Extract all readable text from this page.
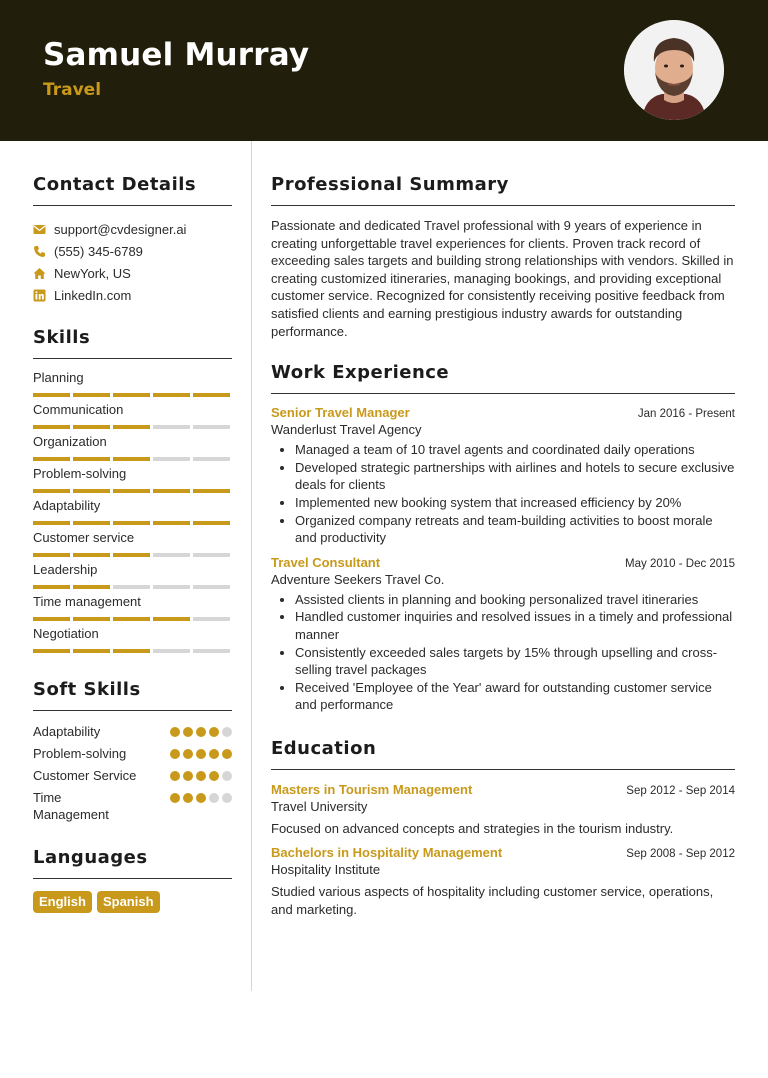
Samuel Murray
Travel
Contact Details
support@cvdesigner.ai
(555) 345-6789
NewYork, US
LinkedIn.com
Skills
Planning
Communication
Organization
Problem-solving
Adaptability
Customer service
Leadership
Time management
Negotiation
Soft Skills
Adaptability
Problem-solving
Customer Service
Time Management
Languages
English	Spanish
Professional Summary

Passionate and dedicated Travel professional with 9 years of experience in creating unforgettable travel experiences for clients. Proven track record of exceeding sales targets and building strong relationships with vendors. Skilled in creating customized itineraries, managing bookings, and providing exceptional customer service. Recognized for consistently receiving positive feedback from satisfied clients and earning prestigious industry awards for outstanding performance.

Work Experience
Senior Travel Manager	Jan 2016 - Present
Wanderlust Travel Agency
• Managed a team of 10 travel agents and coordinated daily operations
• Developed strategic partnerships with airlines and hotels to secure exclusive deals for clients
• Implemented new booking system that increased efficiency by 20%
• Organized company retreats and team-building activities to boost morale and productivity
Travel Consultant	May 2010 - Dec 2015
Adventure Seekers Travel Co.
• Assisted clients in planning and booking personalized travel itineraries
• Handled customer inquiries and resolved issues in a timely and professional manner
• Consistently exceeded sales targets by 15% through upselling and cross-selling travel packages
• Received 'Employee of the Year' award for outstanding customer service and performance
Education
Masters in Tourism Management	Sep 2012 - Sep 2014
Travel University
Focused on advanced concepts and strategies in the tourism industry.
Bachelors in Hospitality Management	Sep 2008 - Sep 2012
Hospitality Institute
Studied various aspects of hospitality including customer service, operations, and marketing.
